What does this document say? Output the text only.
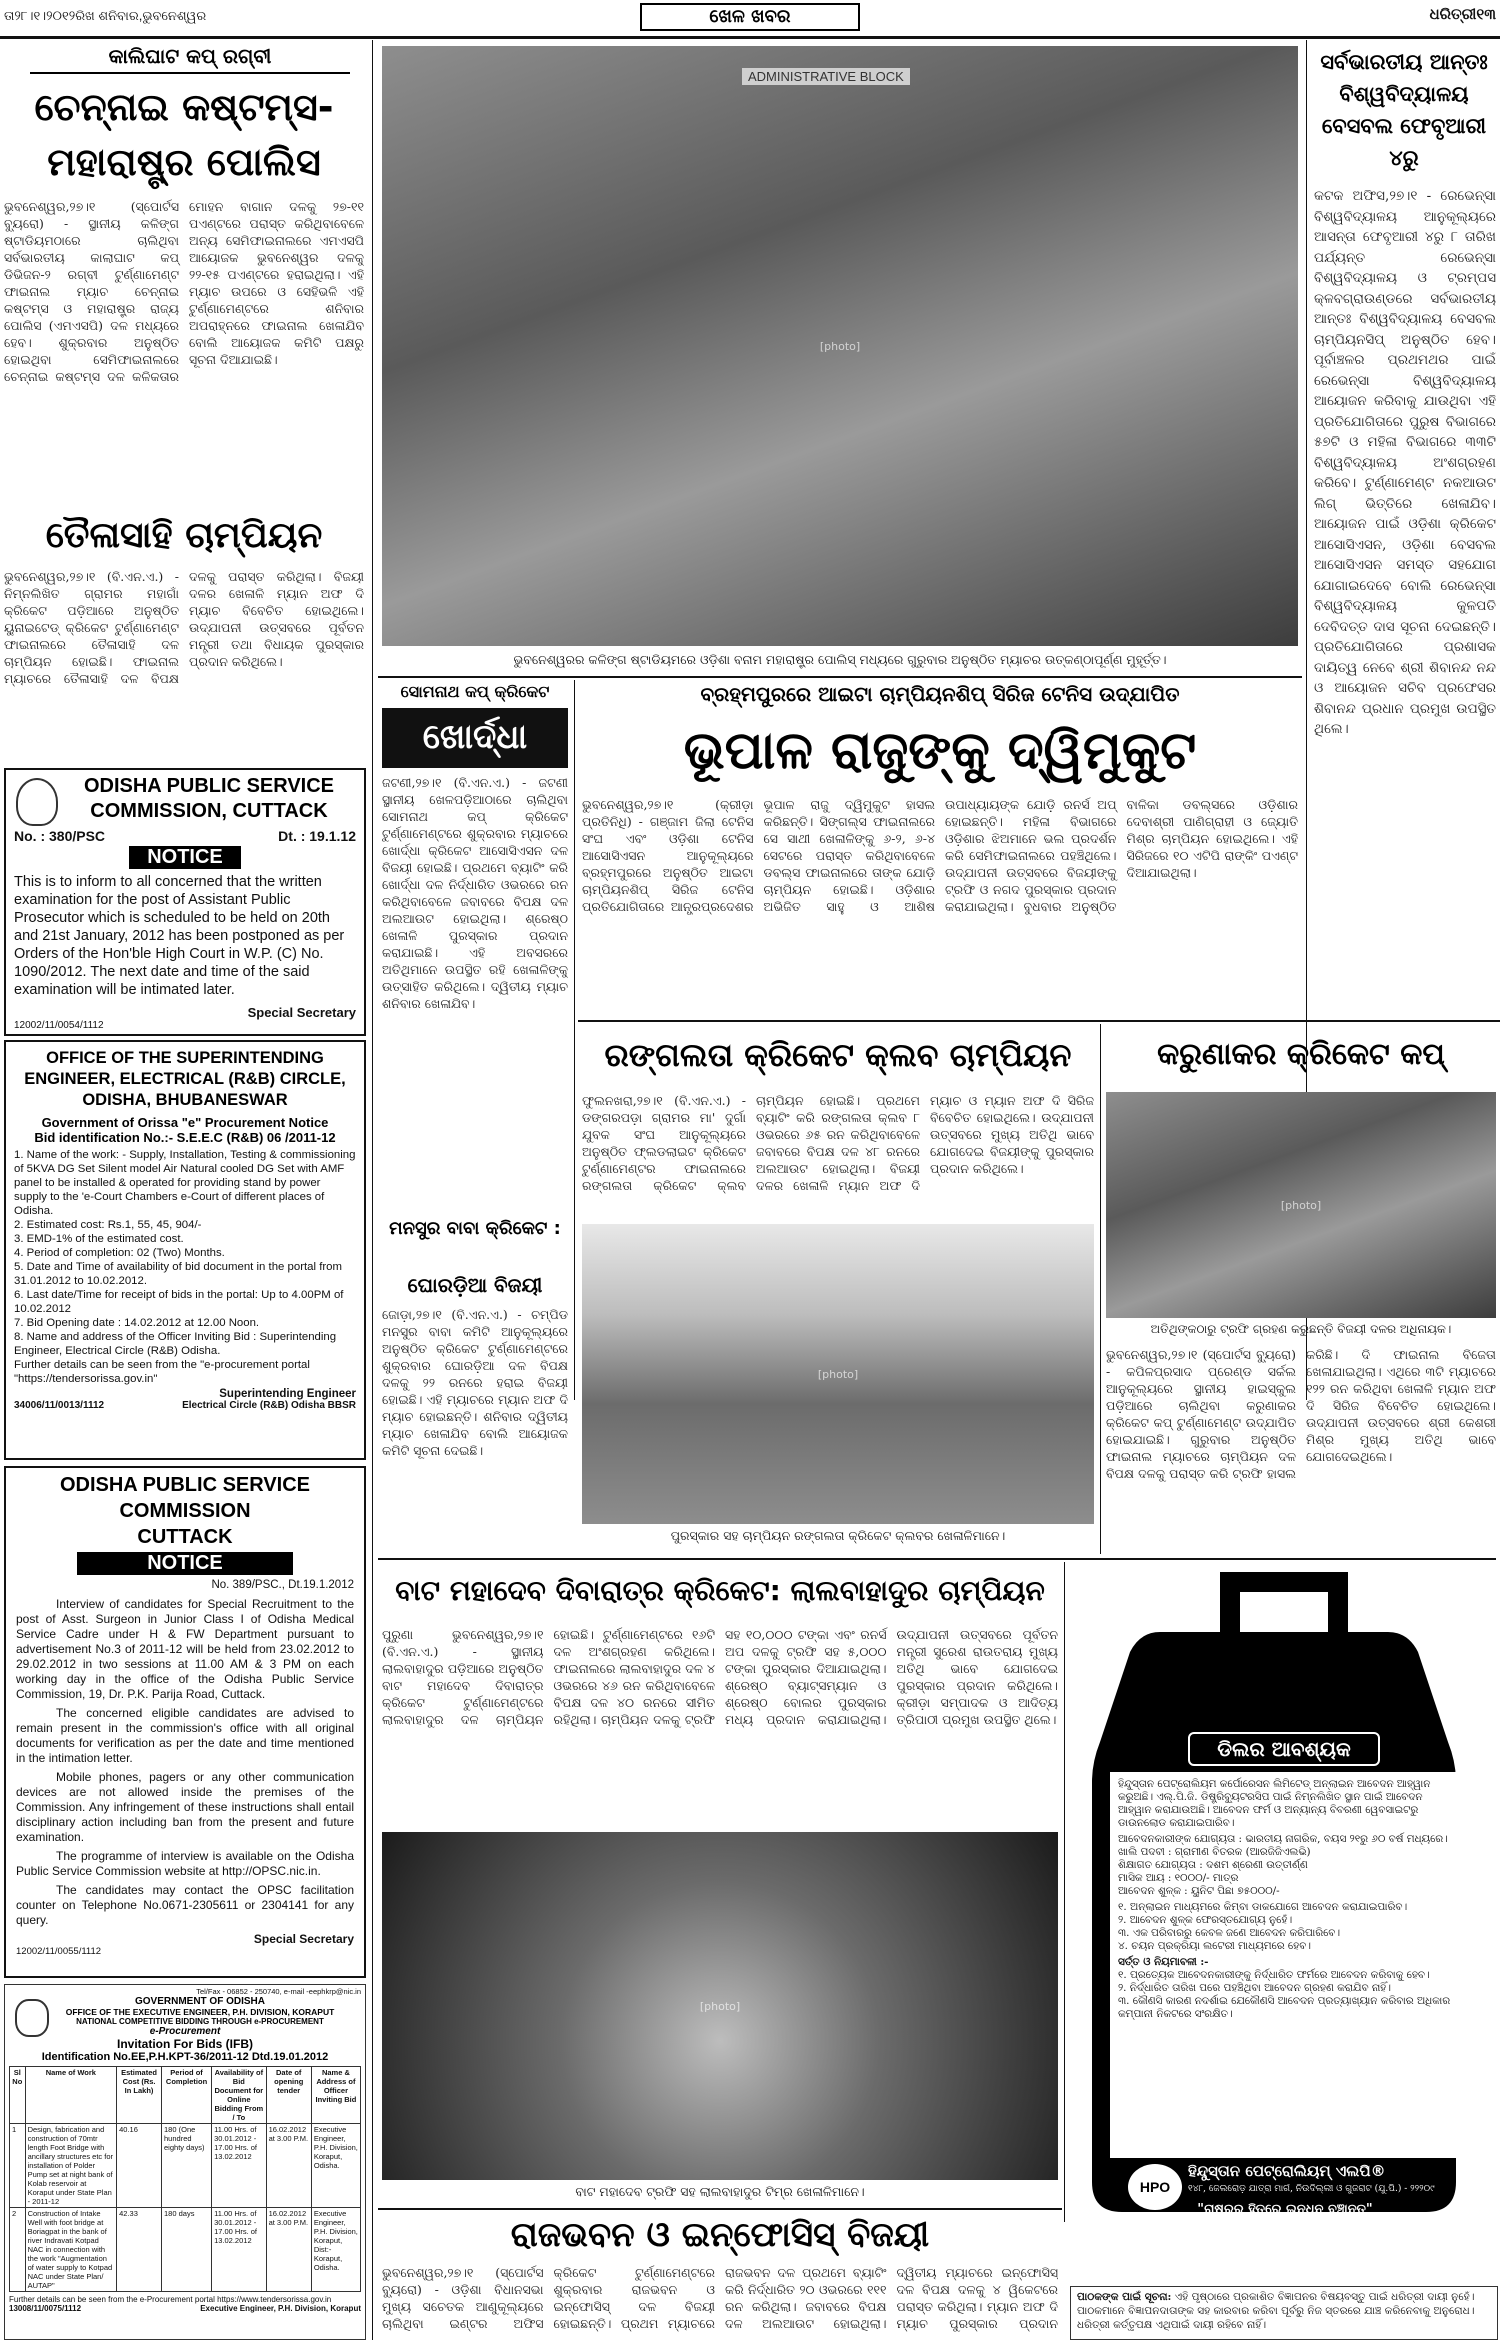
ତା୨୮।୧।୨୦୧୨ରିଖ ଶନିବାର,ଭୁବନେଶ୍ୱର	ଖେଳ ଖବର	ଧରିତ୍ରୀ୧୩
କାଲିଘାଟ କପ୍ ରଗ୍‌ବୀ
ଚେନ୍ନାଇ କଷ୍ଟମ୍‌ସ-ମହାରାଷ୍ଟ୍ର ପୋଲିସ
ଭୁବନେଶ୍ୱର,୨୭।୧ (ସ୍ପୋର୍ଟସ ବ୍ୟୁରୋ) - ସ୍ଥାନୀୟ କଳିଙ୍ଗ ଷ୍ଟାଡିୟମଠାରେ ଚାଲିଥିବା ସର୍ବଭାରତୀୟ କାଲାଘାଟ କପ୍ ଡିଭିଜନ-୨ ରଗ୍‌ବୀ ଟୁର୍ଣ୍ଣାମେଣ୍ଟ ଫାଇନାଲ ମ୍ୟାଚ ଚେନ୍ନାଇ କଷ୍ଟମ୍‌ସ ଓ ମହାରାଷ୍ଟ୍ର ରାଜ୍ୟ ପୋଲିସ (ଏମଏସପି) ଦଳ ମଧ୍ୟରେ ହେବ। ଶୁକ୍ରବାର ଅନୁଷ୍ଠିତ ହୋଇଥିବା ସେମିଫାଇନାଲରେ ଚେନ୍ନାଇ କଷ୍ଟମ୍‌ସ ଦଳ କଳିକତାର ମୋହନ ବାଗାନ ଦଳକୁ ୨୭-୧୧ ପଏଣ୍ଟରେ ପରାସ୍ତ କରିଥିବାବେଳେ ଅନ୍ୟ ସେମିଫାଇନାଲରେ ଏମଏସପି ଆୟୋଜକ ଭୁବନେଶ୍ୱର ଦଳକୁ ୨୨-୧୫ ପଏଣ୍ଟରେ ହରାଇଥିଲା। ଏହି ମ୍ୟାଚ ଉପରେ ଓ ସେହିଭଳି ଏହି ଟୁର୍ଣ୍ଣାମେଣ୍ଟରେ ଶନିବାର ଅପରାହ୍ନରେ ଫାଇନାଲ ଖେଳାଯିବ ବୋଲି ଆୟୋଜକ କମିଟି ପକ୍ଷରୁ ସୂଚନା ଦିଆଯାଇଛି।
ତୈଳାସାହି ଚାମ୍ପିୟନ
ଭୁବନେଶ୍ୱର,୨୭।୧ (ବି.ଏନ.ଏ.) - ନିମ୍ନଲିଖିତ ଗ୍ରାମର ମହାଗାଁ କ୍ରିକେଟ ପଡ଼ିଆରେ ଅନୁଷ୍ଠିତ ୟୁନାଇଟେଡ୍ କ୍ରିକେଟ ଟୁର୍ଣ୍ଣାମେଣ୍ଟ ଫାଇନାଲରେ ତୈଳାସାହି ଦଳ ଚାମ୍ପିୟନ ହୋଇଛି। ଫାଇନାଲ ମ୍ୟାଚରେ ତୈଳାସାହି ଦଳ ବିପକ୍ଷ ଦଳକୁ ପରାସ୍ତ କରିଥିଲା। ବିଜୟୀ ଦଳର ଖେଳାଳି ମ୍ୟାନ ଅଫ ଦି ମ୍ୟାଚ ବିବେଚିତ ହୋଇଥିଲେ। ଉଦ୍‌ଯାପନୀ ଉତ୍ସବରେ ପୂର୍ବତନ ମନ୍ତ୍ରୀ ତଥା ବିଧାୟକ ପୁରସ୍କାର ପ୍ରଦାନ କରିଥିଲେ।
ODISHA PUBLIC SERVICE COMMISSION, CUTTACK
No. : 380/PSC	Dt. : 19.1.12
NOTICE
This is to inform to all concerned that the written examination for the post of Assistant Public Prosecutor which is scheduled to be held on 20th and 21st January, 2012 has been postponed as per Orders of the Hon'ble High Court in W.P. (C) No. 1090/2012. The next date and time of the said examination will be intimated later.
Special Secretary
12002/11/0054/1112
OFFICE OF THE SUPERINTENDING ENGINEER, ELECTRICAL (R&B) CIRCLE, ODISHA, BHUBANESWAR
Government of Orissa "e" Procurement Notice
Bid identification No.:- S.E.E.C (R&B) 06 /2011-12
1. Name of the work: - Supply, Installation, Testing & commissioning of 5KVA DG Set Silent model Air Natural cooled DG Set with AMF panel to be installed & operated for providing stand by power supply to the 'e-Court Chambers e-Court of different places of Odisha.
2. Estimated cost: Rs.1, 55, 45, 904/-
3. EMD-1% of the estimated cost.
4. Period of completion: 02 (Two) Months.
5. Date and Time of availability of bid document in the portal from 31.01.2012 to 10.02.2012.
6. Last date/Time for receipt of bids in the portal: Up to 4.00PM of 10.02.2012
7. Bid Opening date : 14.02.2012 at 12.00 Noon.
8. Name and address of the Officer Inviting Bid : Superintending Engineer, Electrical Circle (R&B) Odisha.
Further details can be seen from the "e-procurement portal "https://tendersorissa.gov.in"
Superintending Engineer
34006/11/0013/1112	Electrical Circle (R&B) Odisha BBSR
ODISHA PUBLIC SERVICE COMMISSION
CUTTACK
NOTICE
No. 389/PSC., Dt.19.1.2012

Interview of candidates for Special Recruitment to the post of Asst. Surgeon in Junior Class I of Odisha Medical Service Cadre under H & FW Department pursuant to advertisement No.3 of 2011-12 will be held from 23.02.2012 to 29.02.2012 in two sessions at 11.00 AM & 3 PM on each working day in the office of the Odisha Public Service Commission, 19, Dr. P.K. Parija Road, Cuttack.

The concerned eligible candidates are advised to remain present in the commission's office with all original documents for verification as per the date and time mentioned in the intimation letter.

Mobile phones, pagers or any other communication devices are not allowed inside the premises of the Commission. Any infringement of these instructions shall entail disciplinary action including ban from the present and future examination.

The programme of interview is available on the Odisha Public Service Commission website at http://OPSC.nic.in.

The candidates may contact the OPSC facilitation counter on Telephone No.0671-2305611 or 2304141 for any query.

Special Secretary
12002/11/0055/1112
Tel/Fax - 06852 - 250740, e-mail -eephkrp@nic.in
GOVERNMENT OF ODISHA
OFFICE OF THE EXECUTIVE ENGINEER, P.H. DIVISION, KORAPUT
NATIONAL COMPETITIVE BIDDING THROUGH e-PROCUREMENT
e-Procurement
Invitation For Bids (IFB)
Identification No.EE,P.H.KPT-36/2011-12 Dtd.19.01.2012
Sl No	Name of Work	Estimated Cost (Rs. In Lakh)	Period of Completion	Availability of Bid Document for Online Bidding From / To	Date of opening tender	Name & Address of Officer Inviting Bid
1	Design, fabrication and construction of 70mtr length Foot Bridge with ancillary structures etc for installation of Polder Pump set at night bank of Kolab reservoir at Koraput under State Plan - 2011-12	40.16	180 (One hundred eighty days)	11.00 Hrs. of 30.01.2012 - 17.00 Hrs. of 13.02.2012	16.02.2012 at 3.00 P.M.	Executive Engineer, P.H. Division, Koraput, Odisha.
2	Construction of Intake Well with foot bridge at Boriagpat in the bank of river Indravati Kotpad NAC in connection with the work "Augmentation of water supply to Kotpad NAC under State Plan/ AUTAP"	42.33	180 days	11.00 Hrs. of 30.01.2012 - 17.00 Hrs. of 13.02.2012	16.02.2012 at 3.00 P.M.	Executive Engineer, P.H. Division, Koraput, Dist:- Koraput, Odisha.
Further details can be seen from the e-Procurement portal https://www.tendersorissa.gov.in
13008/11/0075/1112	Executive Engineer, P.H. Division, Koraput
ADMINISTRATIVE BLOCK
[photo]
ଭୁବନେଶ୍ୱରର କଳିଙ୍ଗ ଷ୍ଟାଡିୟମରେ ଓଡ଼ିଶା ବନାମ ମହାରାଷ୍ଟ୍ର ପୋଲିସ୍ ମଧ୍ୟରେ ଗୁରୁବାର ଅନୁଷ୍ଠିତ ମ୍ୟାଚର ଉତ୍କଣ୍ଠାପୂର୍ଣ୍ଣ ମୁହୂର୍ତ୍ତ।
ସର୍ବଭାରତୀୟ ଆନ୍ତଃ ବିଶ୍ୱବିଦ୍ୟାଳୟ ବେସବଲ ଫେବୃଆରୀ ୪ରୁ
କଟକ ଅଫିସ,୨୭।୧ - ରେଭେନ୍ସା ବିଶ୍ୱବିଦ୍ୟାଳୟ ଆନୁକୂଲ୍ୟରେ ଆସନ୍ତା ଫେବୃଆରୀ ୪ରୁ ୮ ତାରିଖ ପର୍ଯ୍ୟନ୍ତ ରେଭେନ୍ସା ବିଶ୍ୱବିଦ୍ୟାଳୟ ଓ ଟ୍ରମ୍ପସ କ୍ଳବଗ୍ରାଉଣ୍ଡରେ ସର୍ବଭାରତୀୟ ଆନ୍ତଃ ବିଶ୍ୱବିଦ୍ୟାଳୟ ବେସବଲ ଚାମ୍ପିୟନସିପ୍ ଅନୁଷ୍ଠିତ ହେବ। ପୂର୍ବାଞ୍ଚଳର ପ୍ରଥମଥର ପାଇଁ ରେଭେନ୍ସା ବିଶ୍ୱବିଦ୍ୟାଳୟ ଆୟୋଜନ କରିବାକୁ ଯାଉଥିବା ଏହି ପ୍ରତିଯୋଗିତାରେ ପୁରୁଷ ବିଭାଗରେ ୫୭ଟି ଓ ମହିଳା ବିଭାଗରେ ୩୩ଟି ବିଶ୍ୱବିଦ୍ୟାଳୟ ଅଂଶଗ୍ରହଣ କରିବେ। ଟୁର୍ଣ୍ଣାମେଣ୍ଟ ନକଆଉଟ ଲିଗ୍ ଭିତ୍ତିରେ ଖେଳାଯିବ। ଆୟୋଜନ ପାଇଁ ଓଡ଼ିଶା କ୍ରିକେଟ ଆସୋସିଏସନ, ଓଡ଼ିଶା ବେସବଲ ଆସୋସିଏସନ ସମସ୍ତ ସହଯୋଗ ଯୋଗାଇଦେବେ ବୋଲି ରେଭେନ୍ସା ବିଶ୍ୱବିଦ୍ୟାଳୟ କୁଳପତି ଦେବିଦତ୍ତ ଦାସ ସୂଚନା ଦେଇଛନ୍ତି। ପ୍ରତିଯୋଗିତାରେ ପ୍ରଶାସକ ଦାୟିତ୍ୱ ନେବେ ଶ୍ରୀ ଶିବାନନ୍ଦ ନନ୍ଦ ଓ ଆୟୋଜନ ସଚିବ ପ୍ରଫେସର ଶିବାନନ୍ଦ ପ୍ରଧାନ ପ୍ରମୁଖ ଉପସ୍ଥିତ ଥିଲେ।
ସୋମନାଥ କପ୍ କ୍ରିକେଟ
ଖୋର୍ଦ୍ଧା
ଜଟଣୀ,୨୭।୧ (ବି.ଏନ.ଏ.) - ଜଟଣୀ ସ୍ଥାନୀୟ ଖେଳପଡ଼ିଆଠାରେ ଚାଲିଥିବା ସୋମନାଥ କପ୍ କ୍ରିକେଟ ଟୁର୍ଣ୍ଣାମେଣ୍ଟରେ ଶୁକ୍ରବାର ମ୍ୟାଚରେ ଖୋର୍ଦ୍ଧା କ୍ରିକେଟ ଆସୋସିଏସନ ଦଳ ବିଜୟୀ ହୋଇଛି। ପ୍ରଥମେ ବ୍ୟାଟିଂ କରି ଖୋର୍ଦ୍ଧା ଦଳ ନିର୍ଦ୍ଧାରିତ ଓଭରରେ ରନ କରିଥିବାବେଳେ ଜବାବରେ ବିପକ୍ଷ ଦଳ ଅଲଆଉଟ ହୋଇଥିଲା। ଶ୍ରେଷ୍ଠ ଖେଳାଳି ପୁରସ୍କାର ପ୍ରଦାନ କରାଯାଇଛି। ଏହି ଅବସରରେ ଅତିଥିମାନେ ଉପସ୍ଥିତ ରହି ଖେଳାଳିଙ୍କୁ ଉତ୍ସାହିତ କରିଥିଲେ। ଦ୍ୱିତୀୟ ମ୍ୟାଚ ଶନିବାର ଖେଳାଯିବ।
ବ୍ରହ୍ମପୁରରେ ଆଇଟା ଚାମ୍ପିୟନଶିପ୍ ସିରିଜ ଟେନିସ ଉଦ୍‌ଯାପିତ
ଭୂପାଳ ରାଜୁଙ୍କୁ ଦ୍ୱିମୁକୁଟ
ଭୁବନେଶ୍ୱର,୨୭।୧ (କ୍ରୀଡ଼ା ପ୍ରତିନିଧି) - ଗଞ୍ଜାମ ଜିଲା ଟେନିସ ସଂଘ ଏବଂ ଓଡ଼ିଶା ଟେନିସ ଆସୋସିଏସନ ଆନୁକୂଲ୍ୟରେ ବ୍ରହ୍ମପୁରରେ ଅନୁଷ୍ଠିତ ଆଇଟା ଚାମ୍ପିୟନଶିପ୍ ସିରିଜ ଟେନିସ ପ୍ରତିଯୋଗିତାରେ ଆନ୍ଧ୍ରପ୍ରଦେଶର ଭୂପାଳ ରାଜୁ ଦ୍ୱିମୁକୁଟ ହାସଲ କରିଛନ୍ତି। ସିଙ୍ଗଲ୍‌ସ ଫାଇନାଲରେ ସେ ସାଥୀ ଖେଳାଳିଙ୍କୁ ୬-୨, ୬-୪ ସେଟରେ ପରାସ୍ତ କରିଥିବାବେଳେ ଡବଲ୍‌ସ ଫାଇନାଲରେ ତାଙ୍କ ଯୋଡ଼ି ଚାମ୍ପିୟନ ହୋଇଛି। ଓଡ଼ିଶାର ଅଭିଜିତ ସାହୁ ଓ ଆଶିଷ ଉପାଧ୍ୟାୟଙ୍କ ଯୋଡ଼ି ରନର୍ସ ଅପ୍ ହୋଇଛନ୍ତି। ମହିଳା ବିଭାଗରେ ଓଡ଼ିଶାର ଝିଅମାନେ ଭଲ ପ୍ରଦର୍ଶନ କରି ସେମିଫାଇନାଲରେ ପହଞ୍ଚିଥିଲେ। ଉଦ୍‌ଯାପନୀ ଉତ୍ସବରେ ବିଜୟୀଙ୍କୁ ଟ୍ରଫି ଓ ନଗଦ ପୁରସ୍କାର ପ୍ରଦାନ କରାଯାଇଥିଲା। ବୁଧବାର ଅନୁଷ୍ଠିତ ବାଳିକା ଡବଲ୍‌ସରେ ଓଡ଼ିଶାର ଦେବାଶ୍ରୀ ପାଣିଗ୍ରାହୀ ଓ ଜ୍ୟୋତି ମିଶ୍ର ଚାମ୍ପିୟନ ହୋଇଥିଲେ। ଏହି ସିରିଜରେ ୧୦ ଏଟିପି ରାଙ୍କିଂ ପଏଣ୍ଟ ଦିଆଯାଇଥିଲା।
ରଙ୍ଗଲତା କ୍ରିକେଟ କ୍ଲବ ଚାମ୍ପିୟନ
ଫୁଲନଖରା,୨୭।୧ (ବି.ଏନ.ଏ.) - ଡଙ୍ଗରପଡ଼ା ଗ୍ରାମର ମା' ଦୁର୍ଗା ଯୁବକ ସଂଘ ଆନୁକୂଲ୍ୟରେ ଅନୁଷ୍ଠିତ ଫ୍ଲଡଲାଇଟ କ୍ରିକେଟ ଟୁର୍ଣ୍ଣାମେଣ୍ଟର ଫାଇନାଲରେ ରଙ୍ଗଲତା କ୍ରିକେଟ କ୍ଲବ ଚାମ୍ପିୟନ ହୋଇଛି। ପ୍ରଥମେ ବ୍ୟାଟିଂ କରି ରଙ୍ଗଲତା କ୍ଲବ ୮ ଓଭରରେ ୬୫ ରନ କରିଥିବାବେଳେ ଜବାବରେ ବିପକ୍ଷ ଦଳ ୪୮ ରନରେ ଅଲଆଉଟ ହୋଇଥିଲା। ବିଜୟୀ ଦଳର ଖେଳାଳି ମ୍ୟାନ ଅଫ ଦି ମ୍ୟାଚ ଓ ମ୍ୟାନ ଅଫ ଦି ସିରିଜ ବିବେଚିତ ହୋଇଥିଲେ। ଉଦ୍‌ଯାପନୀ ଉତ୍ସବରେ ମୁଖ୍ୟ ଅତିଥି ଭାବେ ଯୋଗଦେଇ ବିଜୟୀଙ୍କୁ ପୁରସ୍କାର ପ୍ରଦାନ କରିଥିଲେ।
[photo]
ପୁରସ୍କାର ସହ ଚାମ୍ପିୟନ ରଙ୍ଗଲତା କ୍ରିକେଟ କ୍ଲବର ଖେଳାଳିମାନେ।
ମନସୁର ବାବା କ୍ରିକେଟ :
ଘୋରଡ଼ିଆ ବିଜୟୀ
ଜୋଡ଼ା,୨୭।୧ (ବି.ଏନ.ଏ.) - ଚମ୍ପିଡ ମନସୁର ବାବା କମିଟି ଆନୁକୂଲ୍ୟରେ ଅନୁଷ୍ଠିତ କ୍ରିକେଟ ଟୁର୍ଣ୍ଣାମେଣ୍ଟରେ ଶୁକ୍ରବାର ଘୋରଡ଼ିଆ ଦଳ ବିପକ୍ଷ ଦଳକୁ ୨୨ ରନରେ ହରାଇ ବିଜୟୀ ହୋଇଛି। ଏହି ମ୍ୟାଚରେ ମ୍ୟାନ ଅଫ ଦି ମ୍ୟାଚ ହୋଇଛନ୍ତି। ଶନିବାର ଦ୍ୱିତୀୟ ମ୍ୟାଚ ଖେଳାଯିବ ବୋଲି ଆୟୋଜକ କମିଟି ସୂଚନା ଦେଇଛି।
କରୁଣାକର କ୍ରିକେଟ କପ୍
[photo]
ଅତିଥିଙ୍କଠାରୁ ଟ୍ରଫି ଗ୍ରହଣ କରୁଛନ୍ତି ବିଜୟୀ ଦଳର ଅଧିନାୟକ।
ଭୁବନେଶ୍ୱର,୨୭।୧ (ସ୍ପୋର୍ଟସ ବ୍ୟୁରୋ) - କପିଳପ୍ରସାଦ ପ୍ରେଣ୍ଡ ସର୍କଲ ଆନୁକୂଲ୍ୟରେ ସ୍ଥାନୀୟ ହାଇସ୍କୁଲ ପଡ଼ିଆରେ ଚାଲିଥିବା କରୁଣାକର କ୍ରିକେଟ କପ୍ ଟୁର୍ଣ୍ଣାମେଣ୍ଟ ଉଦ୍‌ଯାପିତ ହୋଇଯାଇଛି। ଗୁରୁବାର ଅନୁଷ୍ଠିତ ଫାଇନାଲ ମ୍ୟାଚରେ ଚାମ୍ପିୟନ ଦଳ ବିପକ୍ଷ ଦଳକୁ ପରାସ୍ତ କରି ଟ୍ରଫି ହାସଲ କରିଛି। ଦି ଫାଇନାଲ ବିଜେତା ଖେଳାଯାଇଥିଲା। ଏଥିରେ ୩ଟି ମ୍ୟାଚରେ ୧୨୨ ରନ କରିଥିବା ଖେଳାଳି ମ୍ୟାନ ଅଫ ଦି ସିରିଜ ବିବେଚିତ ହୋଇଥିଲେ। ଉଦ୍‌ଯାପନୀ ଉତ୍ସବରେ ଶ୍ରୀ କେଶରୀ ମିଶ୍ର ମୁଖ୍ୟ ଅତିଥି ଭାବେ ଯୋଗଦେଇଥିଲେ।
ବାଟ ମହାଦେବ ଦିବାରାତ୍ର କ୍ରିକେଟ: ଲାଲବାହାଦୁର ଚାମ୍ପିୟନ
ପୁରୁଣା ଭୁବନେଶ୍ୱର,୨୭।୧ (ବି.ଏନ.ଏ.) - ସ୍ଥାନୀୟ ଲାଲବାହାଦୁର ପଡ଼ିଆରେ ଅନୁଷ୍ଠିତ ବାଟ ମହାଦେବ ଦିବାରାତ୍ର କ୍ରିକେଟ ଟୁର୍ଣ୍ଣାମେଣ୍ଟରେ ଲାଲବାହାଦୁର ଦଳ ଚାମ୍ପିୟନ ହୋଇଛି। ଟୁର୍ଣ୍ଣାମେଣ୍ଟରେ ୧୬ଟି ଦଳ ଅଂଶଗ୍ରହଣ କରିଥିଲେ। ଫାଇନାଲରେ ଲାଲବାହାଦୁର ଦଳ ୪ ଓଭରରେ ୪୬ ରନ କରିଥିବାବେଳେ ବିପକ୍ଷ ଦଳ ୪୦ ରନରେ ସୀମିତ ରହିଥିଲା। ଚାମ୍ପିୟନ ଦଳକୁ ଟ୍ରଫି ସହ ୧୦,୦୦୦ ଟଙ୍କା ଏବଂ ରନର୍ସ ଅପ ଦଳକୁ ଟ୍ରଫି ସହ ୫,୦୦୦ ଟଙ୍କା ପୁରସ୍କାର ଦିଆଯାଇଥିଲା। ଶ୍ରେଷ୍ଠ ବ୍ୟାଟ୍ସମ୍ୟାନ ଓ ଶ୍ରେଷ୍ଠ ବୋଲର ପୁରସ୍କାର ମଧ୍ୟ ପ୍ରଦାନ କରାଯାଇଥିଲା। ଉଦ୍‌ଯାପନୀ ଉତ୍ସବରେ ପୂର୍ବତନ ମନ୍ତ୍ରୀ ସୁରେଶ ରାଉତରାୟ ମୁଖ୍ୟ ଅତିଥି ଭାବେ ଯୋଗଦେଇ ପୁରସ୍କାର ପ୍ରଦାନ କରିଥିଲେ। କ୍ରୀଡ଼ା ସମ୍ପାଦକ ଓ ଆଦିତ୍ୟ ତ୍ରିପାଠୀ ପ୍ରମୁଖ ଉପସ୍ଥିତ ଥିଲେ।
[photo]
ବାଟ ମହାଦେବ ଟ୍ରଫି ସହ ଲାଲବାହାଦୁର ଟିମ୍‌ର ଖେଳାଳିମାନେ।
ରାଜଭବନ ଓ ଇନ୍‌ଫୋସିସ୍ ବିଜୟୀ
ଭୁବନେଶ୍ୱର,୨୭।୧ (ସ୍ପୋର୍ଟସ ବ୍ୟୁରୋ) - ଓଡ଼ିଶା ବିଧାନସଭା ମୁଖ୍ୟ ସଚେତକ ଆଣୁକୂଲ୍ୟରେ ଚାଲିଥିବା ଇଣ୍ଟର ଅଫିସ କ୍ରିକେଟ ଟୁର୍ଣ୍ଣାମେଣ୍ଟରେ ଶୁକ୍ରବାର ରାଜଭବନ ଓ ଇନ୍‌ଫୋସିସ୍ ଦଳ ବିଜୟୀ ହୋଇଛନ୍ତି। ପ୍ରଥମ ମ୍ୟାଚରେ ରାଜଭବନ ଦଳ ପ୍ରଥମେ ବ୍ୟାଟିଂ କରି ନିର୍ଦ୍ଧାରିତ ୨୦ ଓଭରରେ ୧୧୧ ରନ କରିଥିଲା। ଜବାବରେ ବିପକ୍ଷ ଦଳ ଅଲଆଉଟ ହୋଇଥିଲା। ଦ୍ୱିତୀୟ ମ୍ୟାଚରେ ଇନ୍‌ଫୋସିସ୍ ଦଳ ବିପକ୍ଷ ଦଳକୁ ୪ ୱିକେଟରେ ପରାସ୍ତ କରିଥିଲା। ମ୍ୟାନ ଅଫ ଦି ମ୍ୟାଚ ପୁରସ୍କାର ପ୍ରଦାନ
ଡିଲର ଆବଶ୍ୟକ
ହିନ୍ଦୁସ୍ତାନ ପେଟ୍ରୋଲିୟମ କର୍ପୋରେସନ ଲିମିଟେଡ୍ ଅନ୍‌ଲାଇନ ଆବେଦନ ଆହ୍ୱାନ କରୁଅଛି। ଏଲ୍.ପି.ଜି. ଡିଷ୍ଟ୍ରିବ୍ୟୁଟରସିପ ପାଇଁ ନିମ୍ନଲିଖିତ ସ୍ଥାନ ପାଇଁ ଆବେଦନ ଆହ୍ୱାନ କରାଯାଉଅଛି। ଆବେଦନ ଫର୍ମ ଓ ଅନ୍ୟାନ୍ୟ ବିବରଣୀ ୱେବସାଇଟରୁ ଡାଉନଲୋଡ କରାଯାଇପାରିବ।
ଆବେଦନକାରୀଙ୍କ ଯୋଗ୍ୟତା : ଭାରତୀୟ ନାଗରିକ, ବୟସ ୨୧ରୁ ୬୦ ବର୍ଷ ମଧ୍ୟରେ।
ଖାଲି ପଦବୀ : ଗ୍ରାମୀଣ ବିତରକ (ଆରଜିଜିଏଲଭି)
ଶିକ୍ଷାଗତ ଯୋଗ୍ୟତା : ଦଶମ ଶ୍ରେଣୀ ଉତ୍ତୀର୍ଣ୍ଣ
ମାସିକ ଆୟ : ୧୦୦୦/- ମାତ୍ର
ଆବେଦନ ଶୁଳ୍କ : ୟୁନିଟ ପିଛା ୭୫୦୦୦/-
୧. ଅନ୍‌ଲାଇନ ମାଧ୍ୟମରେ କିମ୍ବା ଡାକଯୋଗେ ଆବେଦନ କରାଯାଇପାରିବ।
୨. ଆବେଦନ ଶୁଳ୍କ ଫେରସ୍ତଯୋଗ୍ୟ ନୁହେଁ।
୩. ଏକ ପରିବାରରୁ କେବଳ ଜଣେ ଆବେଦନ କରିପାରିବେ।
୪. ଚୟନ ପ୍ରକ୍ରିୟା ଲଟେରୀ ମାଧ୍ୟମରେ ହେବ।
ସର୍ତ୍ତ ଓ ନିୟମାବଳୀ :-
୧. ପ୍ରତ୍ୟେକ ଆବେଦନକାରୀଙ୍କୁ ନିର୍ଦ୍ଧାରିତ ଫର୍ମରେ ଆବେଦନ କରିବାକୁ ହେବ।
୨. ନିର୍ଦ୍ଧାରିତ ତାରିଖ ପରେ ପହଞ୍ଚିଥିବା ଆବେଦନ ଗ୍ରହଣ କରାଯିବ ନାହିଁ।
୩. କୌଣସି କାରଣ ନଦର୍ଶାଇ ଯେକୌଣସି ଆବେଦନ ପ୍ରତ୍ୟାଖ୍ୟାନ କରିବାର ଅଧିକାର କମ୍ପାନୀ ନିକଟରେ ସଂରକ୍ଷିତ।
HPO
ହିନ୍ଦୁସ୍ତାନ ପେଟ୍ରୋଲିୟମ୍ ଏଲପି®
୧୪୮, ଜେଲରୋଡ଼ ଯାତ୍ରା ମାର୍ଗ, ନିଉଦିଲ୍ଲୀ ଓ ଗୁଜରାଟ (ଯୁ.ପି.) - ୨୨୨୦୯
"ରାଷ୍ଟ୍ରର ହିତରେ ଇନ୍ଧନ ବଞ୍ଚାନ୍ତୁ"
ପାଠକଙ୍କ ପାଇଁ ସୂଚନା: ଏହି ପୃଷ୍ଠାରେ ପ୍ରକାଶିତ ବିଜ୍ଞାପନର ବିଷୟବସ୍ତୁ ପାଇଁ ଧରିତ୍ରୀ ଦାୟୀ ନୁହେଁ। ପାଠକମାନେ ବିଜ୍ଞାପନଦାତାଙ୍କ ସହ କାରବାର କରିବା ପୂର୍ବରୁ ନିଜ ସ୍ତରରେ ଯାଞ୍ଚ କରିନେବାକୁ ଅନୁରୋଧ। ଧରିତ୍ରୀ କର୍ତ୍ତୃପକ୍ଷ ଏଥିପାଇଁ ଦାୟୀ ରହିବେ ନାହିଁ।
